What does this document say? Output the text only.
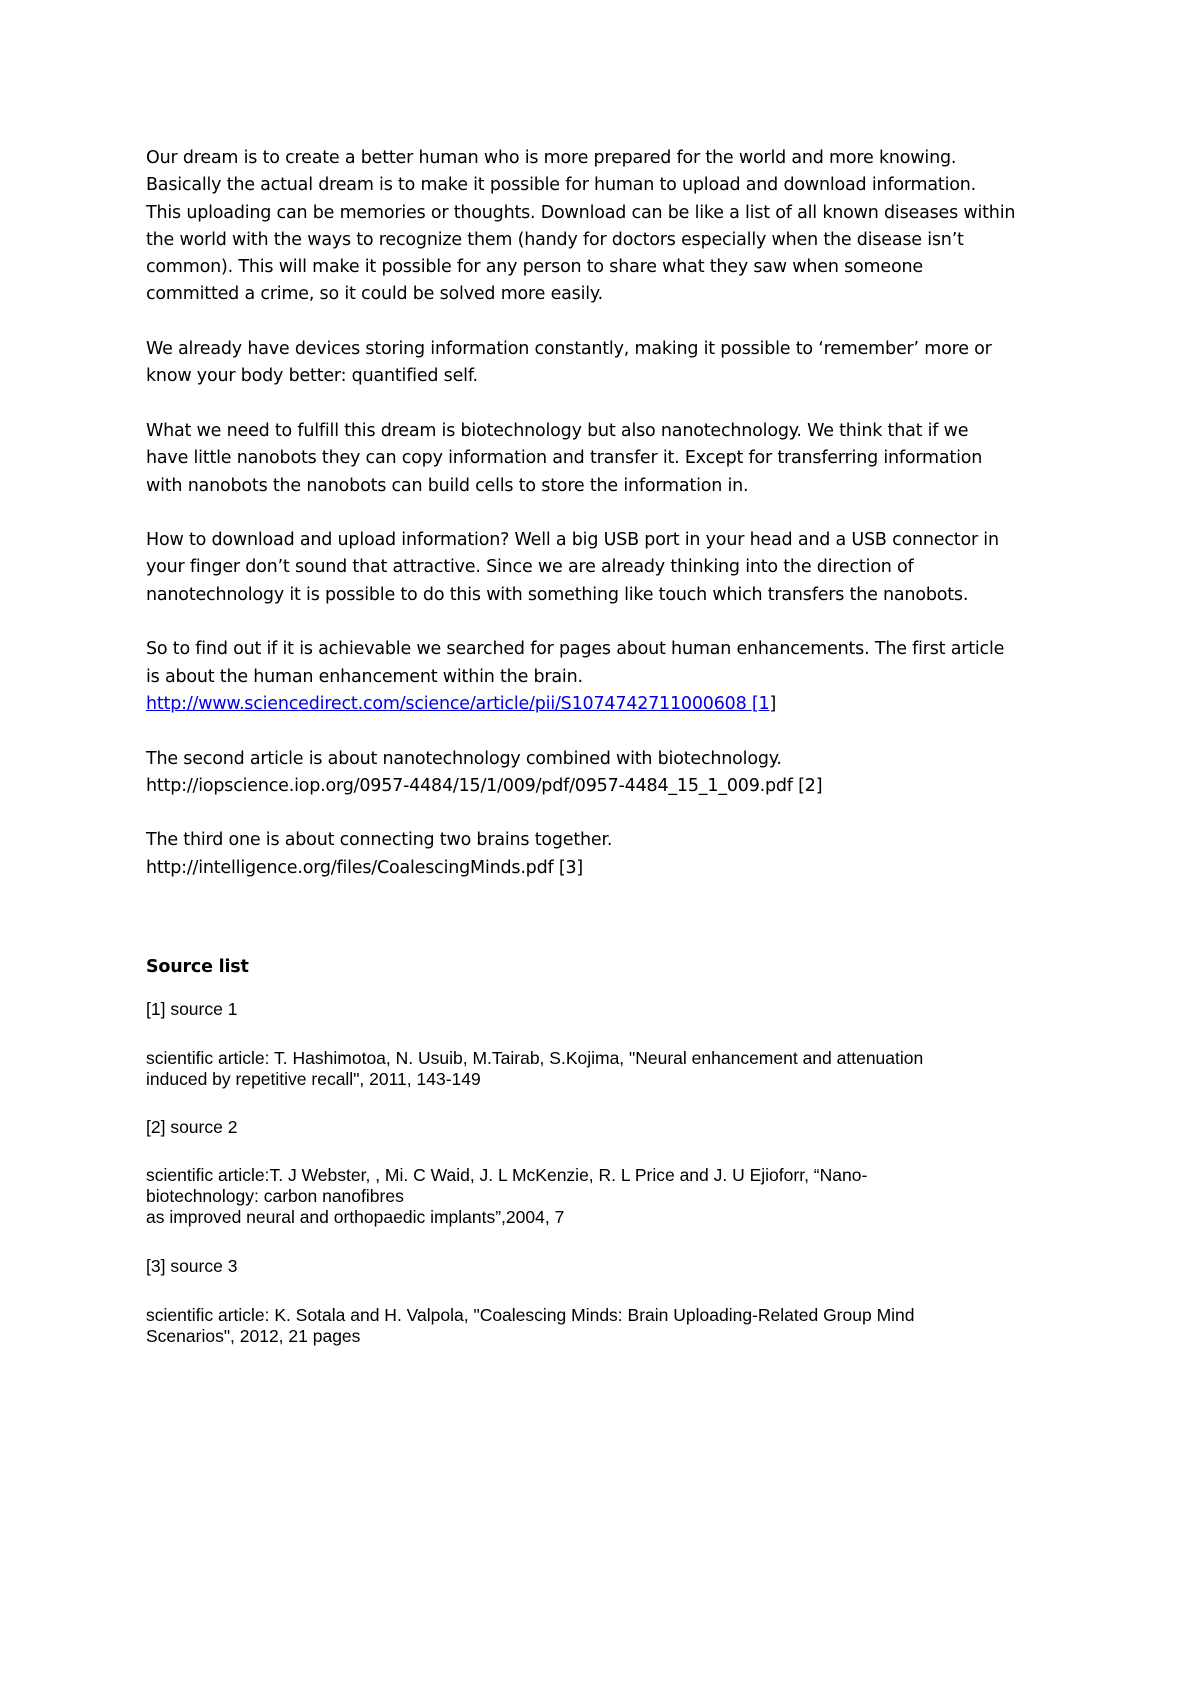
Our dream is to create a better human who is more prepared for the world and more knowing.
Basically the actual dream is to make it possible for human to upload and download information.
This uploading can be memories or thoughts. Download can be like a list of all known diseases within
the world with the ways to recognize them (handy for doctors especially when the disease isn’t
common). This will make it possible for any person to share what they saw when someone
committed a crime, so it could be solved more easily.
We already have devices storing information constantly, making it possible to ‘remember’ more or
know your body better: quantified self.
What we need to fulfill this dream is biotechnology but also nanotechnology. We think that if we
have little nanobots they can copy information and transfer it. Except for transferring information
with nanobots the nanobots can build cells to store the information in.
How to download and upload information? Well a big USB port in your head and a USB connector in
your finger don’t sound that attractive. Since we are already thinking into the direction of
nanotechnology it is possible to do this with something like touch which transfers the nanobots.
So to find out if it is achievable we searched for pages about human enhancements. The first article
is about the human enhancement within the brain.
http://www.sciencedirect.com/science/article/pii/S1074742711000608 [1]
The second article is about nanotechnology combined with biotechnology.
http://iopscience.iop.org/0957-4484/15/1/009/pdf/0957-4484_15_1_009.pdf [2]
The third one is about connecting two brains together.
http://intelligence.org/files/CoalescingMinds.pdf [3]

Source list

[1] source 1

scientific article: T. Hashimotoa, N. Usuib, M.Tairab, S.Kojima, "Neural enhancement and attenuation
induced by repetitive recall", 2011, 143-149

[2] source 2

scientific article:T. J Webster, , Mi. C Waid, J. L McKenzie, R. L Price and J. U Ejioforr, “Nano-
biotechnology: carbon nanofibres
as improved neural and orthopaedic implants”,2004, 7

[3] source 3

scientific article: K. Sotala and H. Valpola, "Coalescing Minds: Brain Uploading-Related Group Mind
Scenarios", 2012, 21 pages
